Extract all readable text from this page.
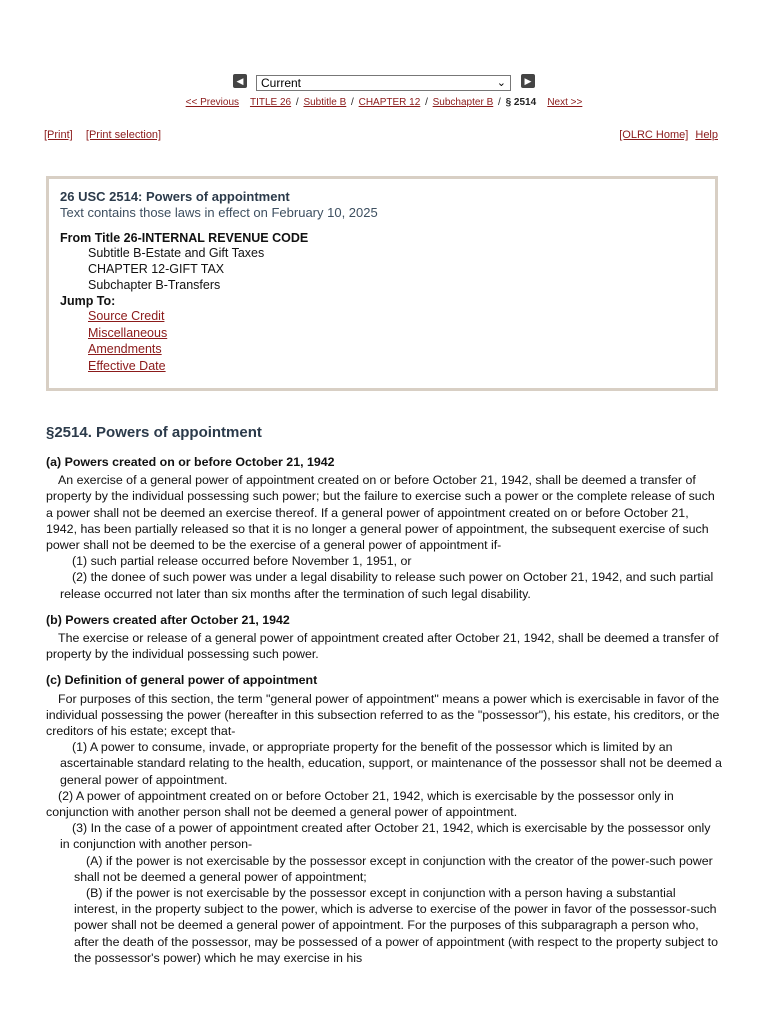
◀	Current	⌄	▶
<< Previous TITLE 26 / Subtitle B / CHAPTER 12 / Subchapter B / § 2514 Next >>
[Print] [Print selection]	[OLRC Home] Help
26 USC 2514: Powers of appointment
Text contains those laws in effect on February 10, 2025
From Title 26-INTERNAL REVENUE CODE
Subtitle B-Estate and Gift Taxes
CHAPTER 12-GIFT TAX
Subchapter B-Transfers
Jump To:
Source Credit
Miscellaneous
Amendments
Effective Date
§2514. Powers of appointment
(a) Powers created on or before October 21, 1942

An exercise of a general power of appointment created on or before October 21, 1942, shall be deemed a transfer of property by the individual possessing such power; but the failure to exercise such a power or the complete release of such a power shall not be deemed an exercise thereof. If a general power of appointment created on or before October 21, 1942, has been partially released so that it is no longer a general power of appointment, the subsequent exercise of such power shall not be deemed to be the exercise of a general power of appointment if-

(1) such partial release occurred before November 1, 1951, or

(2) the donee of such power was under a legal disability to release such power on October 21, 1942, and such partial release occurred not later than six months after the termination of such legal disability.

(b) Powers created after October 21, 1942

The exercise or release of a general power of appointment created after October 21, 1942, shall be deemed a transfer of property by the individual possessing such power.

(c) Definition of general power of appointment

For purposes of this section, the term "general power of appointment" means a power which is exercisable in favor of the individual possessing the power (hereafter in this subsection referred to as the "possessor"), his estate, his creditors, or the creditors of his estate; except that-

(1) A power to consume, invade, or appropriate property for the benefit of the possessor which is limited by an ascertainable standard relating to the health, education, support, or maintenance of the possessor shall not be deemed a general power of appointment.

(2) A power of appointment created on or before October 21, 1942, which is exercisable by the possessor only in conjunction with another person shall not be deemed a general power of appointment.

(3) In the case of a power of appointment created after October 21, 1942, which is exercisable by the possessor only in conjunction with another person-

(A) if the power is not exercisable by the possessor except in conjunction with the creator of the power-such power shall not be deemed a general power of appointment;

(B) if the power is not exercisable by the possessor except in conjunction with a person having a substantial interest, in the property subject to the power, which is adverse to exercise of the power in favor of the possessor-such power shall not be deemed a general power of appointment. For the purposes of this subparagraph a person who, after the death of the possessor, may be possessed of a power of appointment (with respect to the property subject to the possessor's power) which he may exercise in his
